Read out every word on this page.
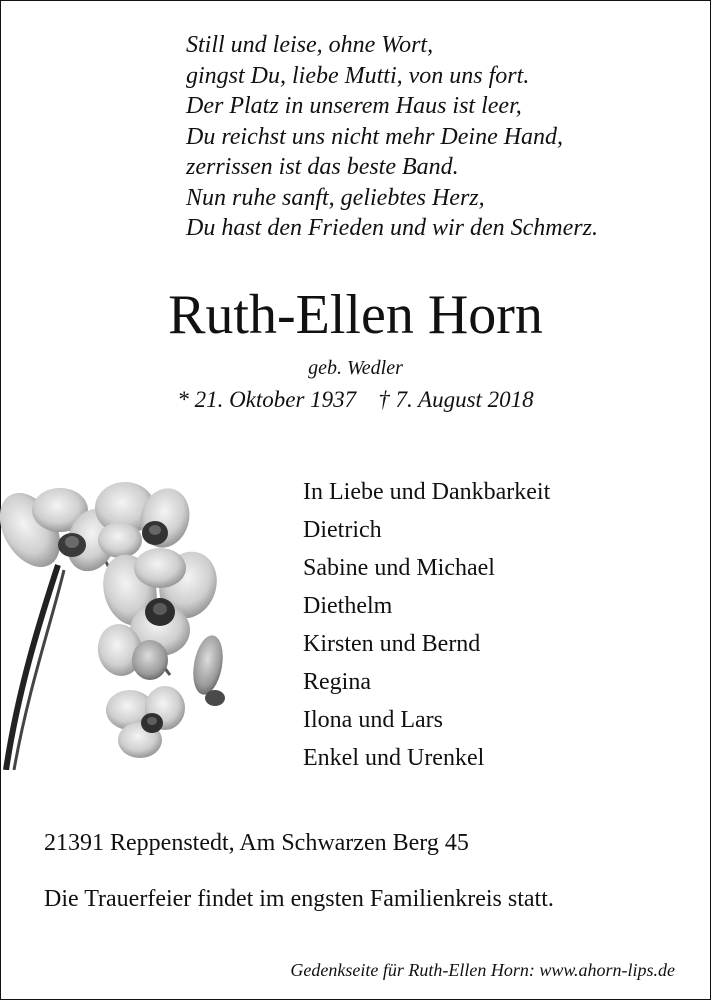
Still und leise, ohne Wort,
gingst Du, liebe Mutti, von uns fort.
Der Platz in unserem Haus ist leer,
Du reichst uns nicht mehr Deine Hand,
zerrissen ist das beste Band.
Nun ruhe sanft, geliebtes Herz,
Du hast den Frieden und wir den Schmerz.
Ruth-Ellen Horn
geb. Wedler
* 21. Oktober 1937 † 7. August 2018
In Liebe und Dankbarkeit
Dietrich
Sabine und Michael
Diethelm
Kirsten und Bernd
Regina
Ilona und Lars
Enkel und Urenkel
21391 Reppenstedt, Am Schwarzen Berg 45
Die Trauerfeier findet im engsten Familienkreis statt.
Gedenkseite für Ruth-Ellen Horn: www.ahorn-lips.de
